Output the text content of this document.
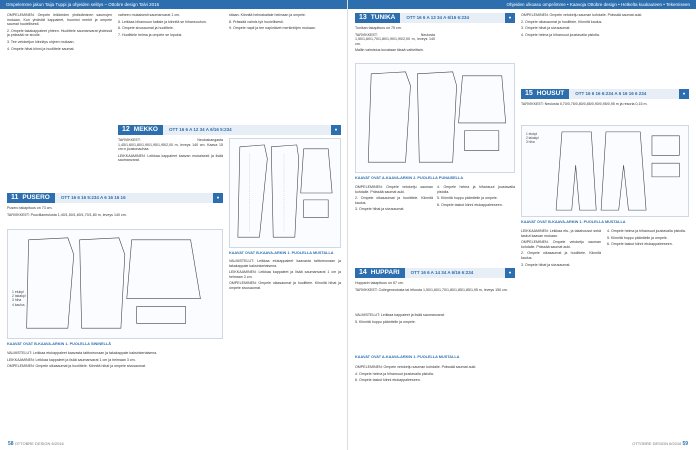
Ompelemme jakun Taija Tuppi ja ohjeiden selitys – Ottobre design Talvi 2016

OMPELEMINEN: Ompele leikkeiden yhdistäminen saumojen mukaan. Kun yhdistät kappaleet, huomioi merkit ja ompele saumat huolellisesti.

2. Ompele takakappaleet yhteen. Huolittele saumanvarat yhdessä ja prässää ne sivulle.

3. Tee vetoketjun kiinnitys ohjeen mukaan.

4. Ompele hihat kiinni ja huolittele saumat.

vaiheen mukaisesti saumanvarat 1 cm.

5. Leikkaa hihansuun kaitale ja kiinnitä se hihansuuhun.

6. Ompele sivusaumat ja huolittele.

7. Huolittele helma ja ompele se lopuksi.

sitaan. Kiinnitä helmakaitale helmaan ja ompele.

8. Prässää valmis työ huolellisesti.

9. Ompele napit ja tee napinlävet merkintöjen mukaan.

12 MEKKO	OTT 16 6 A 12 34 A 6/16 5:234	●

TARVIKKEET: Neuloskangasta 1,45/1,60/1,80/1,90/1,95/1,95/2,00 m, leveys 140 cm. Kaava 15 cm:n joustonauhaa.

LEIKKAAMINEN: Leikkaa kappaleet kaavan mukaisesti ja lisää saumanvarat.

KAAVAT OVAT B-KAAVA-ARKIN 1. PUOLELLA MUSTALLA
11 PUSERO	OTT 16 6 16 5:234 A 6 16 16 16	●

Pusero takapituus on 73 cm.

TARVIKKEET: Puuvillaneulosta 1,40/1,50/1,60/1,70/1,80 m, leveys 140 cm.

1 etukpl
2 takakpl
3 hiha
4 kaulus
KAAVAT OVAT B-KAAVA-ARKIN 1. PUOLELLA SININELLÄ

VALMISTELUT: Leikkaa etukappaleet kaavasta taittoreunaan ja takakappale kaksinkertaisena.

LEIKKAAMINEN: Leikkaa kappaleet ja lisää saumanvarat 1 cm ja helmaan 3 cm.

OMPELEMINEN: Ompele olkasaumat ja huolittele. Kiinnitä hihat ja ompele sivusaumat.

VALMISTELUT: Leikkaa etukappaleet kaavasta taittoreunaan ja takakappale kaksinkertaisena.

LEIKKAAMINEN: Leikkaa kappaleet ja lisää saumanvarat 1 cm ja helmaan 3 cm.

OMPELEMINEN: Ompele olkasaumat ja huolittele. Kiinnitä hihat ja ompele sivusaumat.

58 OTTOBRE DESIGN 6/2016
Ohjeiden ulkoasu ompelimme • Kaavoja Ottobre design • Hetkelta kuukauteen • Tekemiseen
13 TUNIKA	OTT 16 6 A 13 34 A 6/16 6:234	●

Tunikan takapituus on 75 cm.

TARVIKKEET: Neulosta 1,50/1,60/1,70/1,80/1,90/1,90/2,00 m, leveys 140 cm.

Mallin valmistus kuvataan tässä vaiheittain.

KAAVAT OVAT A-KAAVA-ARKIN 2. PUOLELLA PUNAISELLA

OMPELEMINEN: Ompele vetoketju sauman kohdalle. Prässää saumat auki.

2. Ompele olkasaumat ja huolittele. Kiinnitä kaulus.

3. Ompele hihat ja sivusaumat.

4. Ompele helma ja hihansuut joustavalla pistolla.

5. Kiinnitä huppu pääntielle ja ompele.

6. Ompele taskut kiinni etukappaleeseen.

14 HUPPARI	OTT 16 6 A 14 34 A 6/16 6:234	●

Hupparin takapituus on 67 cm.

TARVIKKEET: Collegeneulosta tai trikoota 1,50/1,60/1,70/1,80/1,85/1,85/1,95 m, leveys 150 cm.

VALMISTELUT: Leikkaa kappaleet ja lisää saumanvarat.

5. Kiinnitä huppu pääntielle ja ompele.

KAAVAT OVAT A-KAAVA-ARKIN 1. PUOLELLA MUSTALLA

OMPELEMINEN: Ompele vetoketju sauman kohdalle. Prässää saumat auki.

4. Ompele helma ja hihansuut joustavalla pistolla.

6. Ompele taskut kiinni etukappaleeseen.

OMPELEMINEN: Ompele vetoketju sauman kohdalle. Prässää saumat auki.

2. Ompele olkasaumat ja huolittele. Kiinnitä kaulus.

3. Ompele hihat ja sivusaumat.

4. Ompele helma ja hihansuut joustavalla pistolla.

15 HOUSUT	OTT 16 6 16 6:234 A 6 16 16 6 234	●

TARVIKKEET: Neulosta 0,70/0,75/0,80/0,85/0,90/0,95/0,95 m ja resoria 0,15 m.

1 etukpl
2 takakpl
3 hiha
KAAVAT OVAT B-KAAVA-ARKIN 1. PUOLELLA MUSTALLA

LEIKKAAMINEN: Leikkaa etu- ja takahousut sekä taskut kaavan mukaan.

OMPELEMINEN: Ompele vetoketju sauman kohdalle. Prässää saumat auki.

2. Ompele olkasaumat ja huolittele. Kiinnitä kaulus.

3. Ompele hihat ja sivusaumat.

4. Ompele helma ja hihansuut joustavalla pistolla.

5. Kiinnitä huppu pääntielle ja ompele.

6. Ompele taskut kiinni etukappaleeseen.

OTTOBRE DESIGN 6/2016 59
